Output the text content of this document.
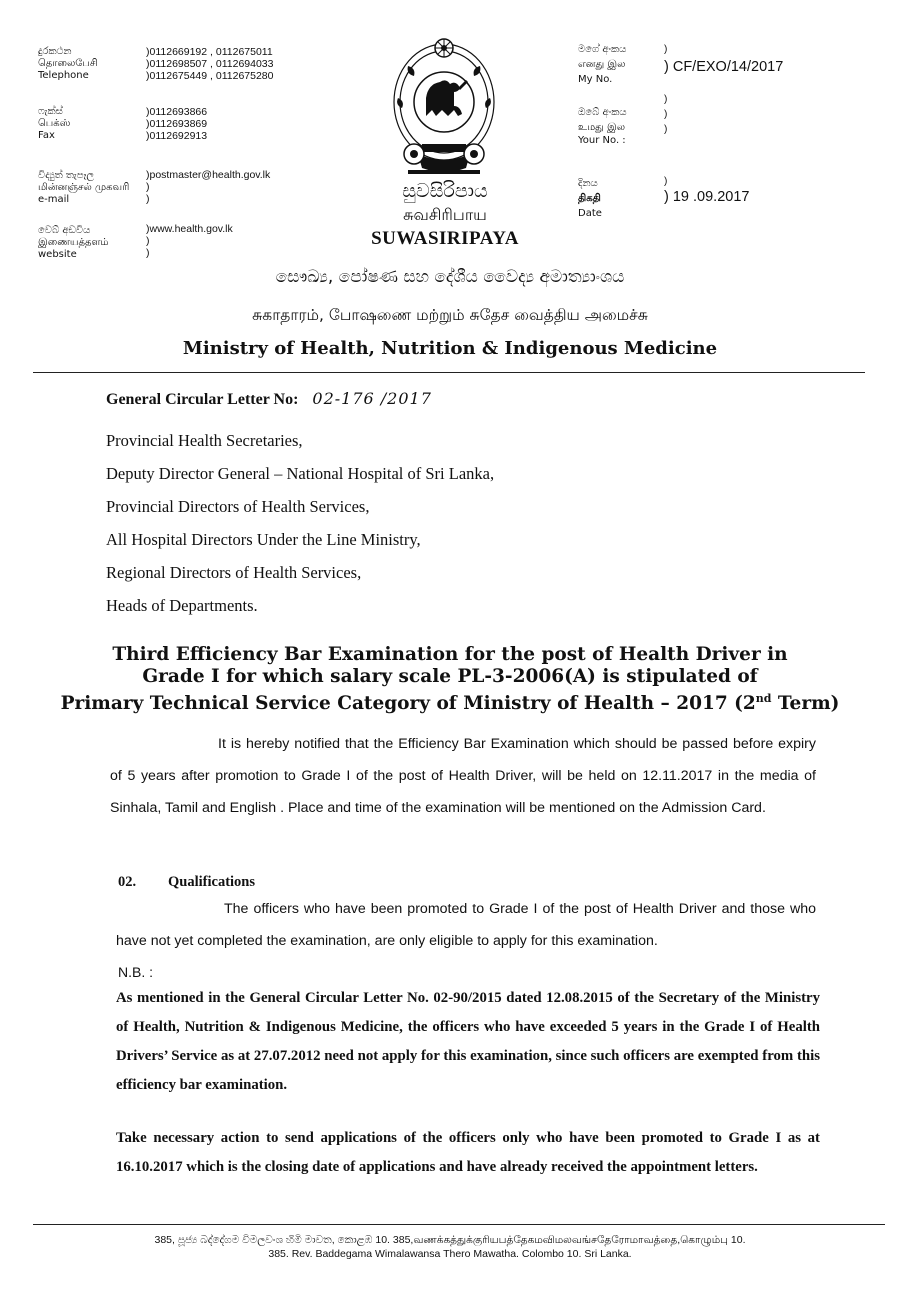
දුරකථන
தொலைபேசி
Telephone
)0112669192 , 0112675011
)0112698507 , 0112694033
)0112675449 , 0112675280
ෆැක්ස්
பெக்ஸ்
Fax
)0112693866
)0112693869
)0112692913
විද්‍යුත් තැපෑල
மின்னஞ்சல் முகவரி
e-mail
)postmaster@health.gov.lk
)
)
වෙබ් අඩවිය
இணையத்தளம்
website
)www.health.gov.lk
)
)
සුවසිරිපාය
சுவசிரிபாய
SUWASIRIPAYA
මගේ අංකය
எனது இல
My No.
)
) CF/EXO/14/2017
ඔබේ අංකය
உமது இல
Your No. :
)
)
)
දිනය
திகதி
Date
)
) 19 .09.2017
සෞඛ්‍ය, පෝෂණ සහ දේශීය වෛද්‍ය අමාත්‍යාංශය
சுகாதாரம், போஷணை மற்றும் சுதேச வைத்திய அமைச்சு
Ministry of Health, Nutrition & Indigenous Medicine
General Circular Letter No: 02-176 /2017
Provincial Health Secretaries,
Deputy Director General – National Hospital of Sri Lanka,
Provincial Directors of Health Services,
All Hospital Directors Under the Line Ministry,
Regional Directors of Health Services,
Heads of Departments.
Third Efficiency Bar Examination for the post of Health Driver in
Grade I for which salary scale PL-3-2006(A) is stipulated of
Primary Technical Service Category of Ministry of Health – 2017 (2nd Term)
It is hereby notified that the Efficiency Bar Examination which should be passed before expiry of 5 years after promotion to Grade I of the post of Health Driver, will be held on 12.11.2017 in the media of Sinhala, Tamil and English . Place and time of the examination will be mentioned on the Admission Card.
02. Qualifications
The officers who have been promoted to Grade I of the post of Health Driver and those who have not yet completed the examination, are only eligible to apply for this examination.
N.B. :
As mentioned in the General Circular Letter No. 02-90/2015 dated 12.08.2015 of the Secretary of the Ministry of Health, Nutrition & Indigenous Medicine, the officers who have exceeded 5 years in the Grade I of Health Drivers’ Service as at 27.07.2012 need not apply for this examination, since such officers are exempted from this efficiency bar examination.
Take necessary action to send applications of the officers only who have been promoted to Grade I as at 16.10.2017 which is the closing date of applications and have already received the appointment letters.
385, පූජ්‍ය බද්දේගම විමලවංශ හිමි මාවත, කොළඹ 10. 385,வணக்கத்துக்குரியபத்தேகமவிமலவங்சதேரோமாவத்தை,கொழும்பு 10.
385. Rev. Baddegama Wimalawansa Thero Mawatha. Colombo 10. Sri Lanka.
